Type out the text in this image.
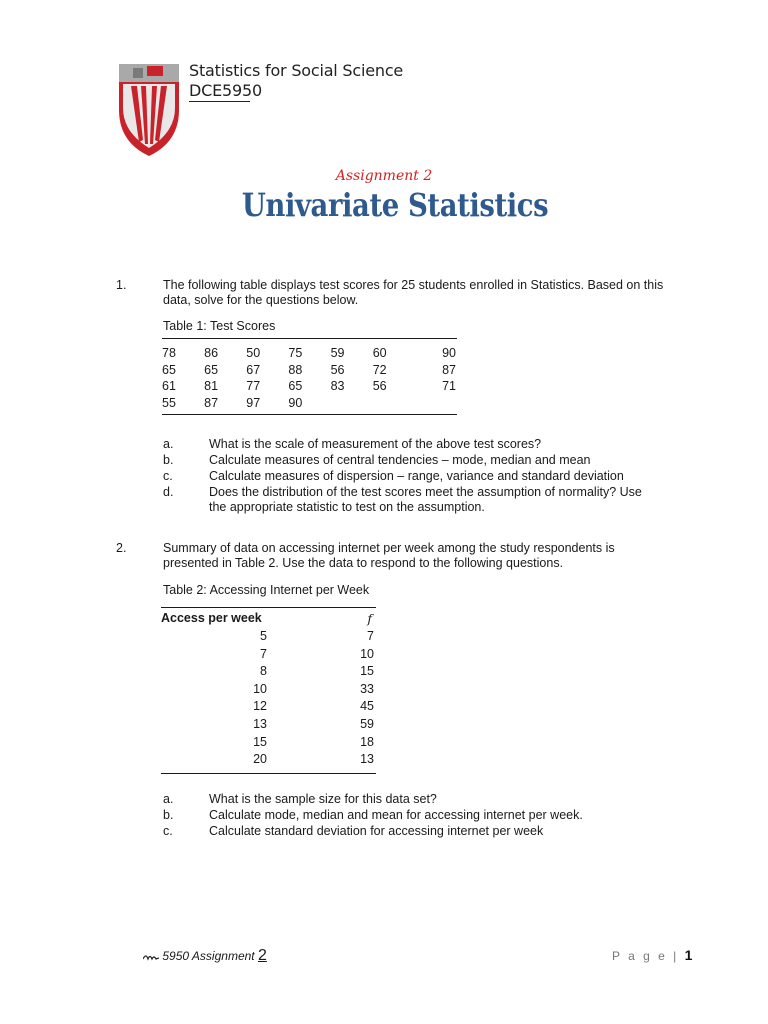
Statistics for Social Science
DCE5950
Assignment 2
Univariate Statistics
1.	The following table displays test scores for 25 students enrolled in Statistics. Based on this data, solve for the questions below.
Table 1: Test Scores
78	86	50	75	59	60	90
65	65	67	88	56	72	87
61	81	77	65	83	56	71
55	87	97	90
a.	What is the scale of measurement of the above test scores?
b.	Calculate measures of central tendencies – mode, median and mean
c.	Calculate measures of dispersion – range, variance and standard deviation
d.	Does the distribution of the test scores meet the assumption of normality? Use the appropriate statistic to test on the assumption.
2.	Summary of data on accessing internet per week among the study respondents is presented in Table 2. Use the data to respond to the following questions.
Table 2: Accessing Internet per Week
Access per week	f
5	7
7	10
8	15
10	33
12	45
13	59
15	18
20	13
a.	What is the sample size for this data set?
b.	Calculate mode, median and mean for accessing internet per week.
c.	Calculate standard deviation for accessing internet per week
5950 Assignment 2	P a g e | 1
